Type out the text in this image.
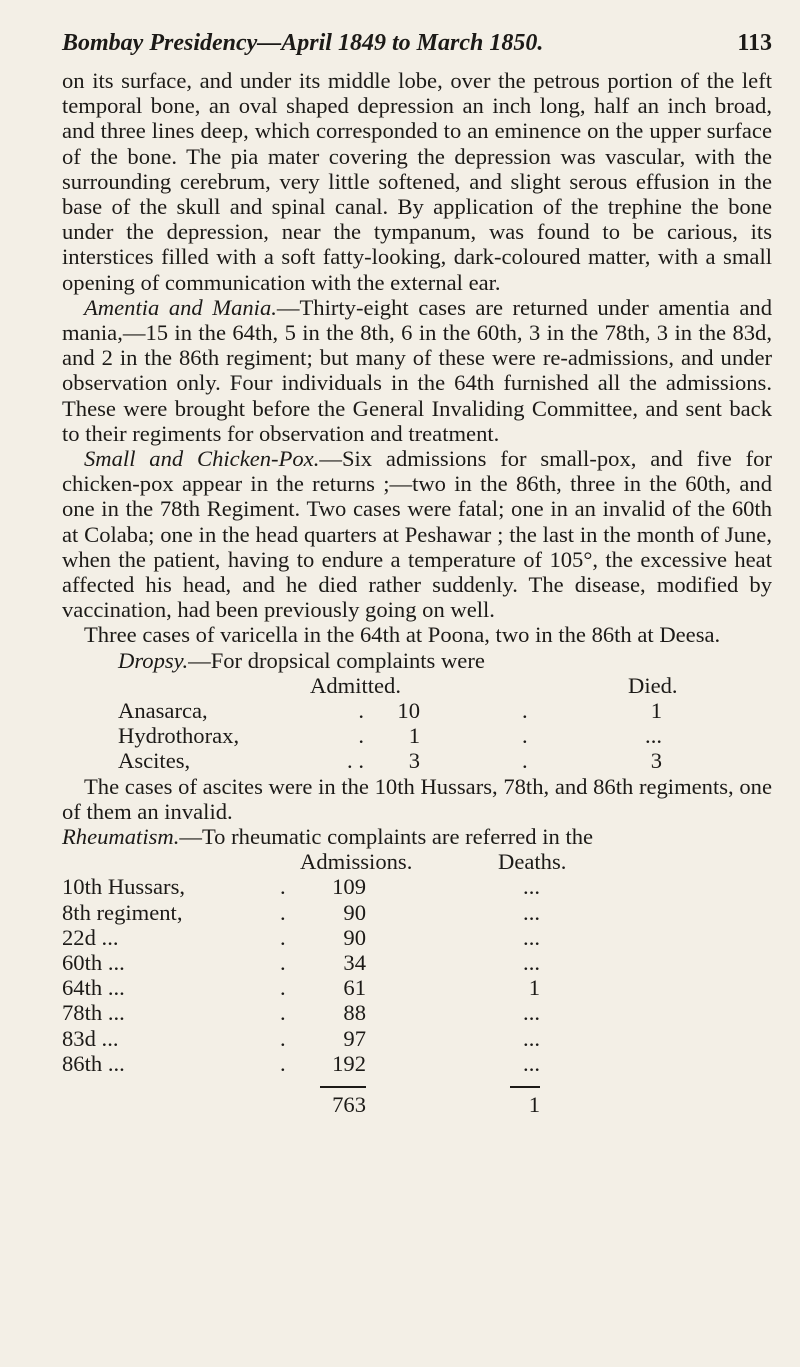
Bombay Presidency—April 1849 to March 1850.	113

on its surface, and under its middle lobe, over the petrous portion of the left temporal bone, an oval shaped depression an inch long, half an inch broad, and three lines deep, which corresponded to an eminence on the upper surface of the bone. The pia mater covering the depression was vascular, with the surrounding cerebrum, very little softened, and slight serous effusion in the base of the skull and spinal canal. By application of the trephine the bone under the depression, near the tympanum, was found to be carious, its interstices filled with a soft fatty-looking, dark-coloured matter, with a small opening of communication with the external ear.

Amentia and Mania.—Thirty-eight cases are returned under amentia and mania,—15 in the 64th, 5 in the 8th, 6 in the 60th, 3 in the 78th, 3 in the 83d, and 2 in the 86th regiment; but many of these were re-admissions, and under observation only. Four individuals in the 64th furnished all the admissions. These were brought before the General Invaliding Committee, and sent back to their regiments for observation and treatment.

Small and Chicken-Pox.—Six admissions for small-pox, and five for chicken-pox appear in the returns ;—two in the 86th, three in the 60th, and one in the 78th Regiment. Two cases were fatal; one in an invalid of the 60th at Colaba; one in the head quarters at Peshawar ; the last in the month of June, when the patient, having to endure a temperature of 105°, the excessive heat affected his head, and he died rather suddenly. The disease, modified by vaccination, had been previously going on well.

Three cases of varicella in the 64th at Poona, two in the 86th at Deesa.

Dropsy. —For dropsical complaints were
Admitted.	Died.
Anasarca,	.	10	.	1
Hydrothorax,	.	1	.	...
Ascites,	. .	3	.	3

The cases of ascites were in the 10th Hussars, 78th, and 86th regiments, one of them an invalid.

Rheumatism. —To rheumatic complaints are referred in the
Admissions.	Deaths.
10th Hussars,	.	109	...
8th regiment,	.	90	...
22d ...	.	90	...
60th ...	.	34	...
64th ...	.	61	1
78th ...	.	88	...
83d ...	.	97	...
86th ...	.	192	...
763	1
